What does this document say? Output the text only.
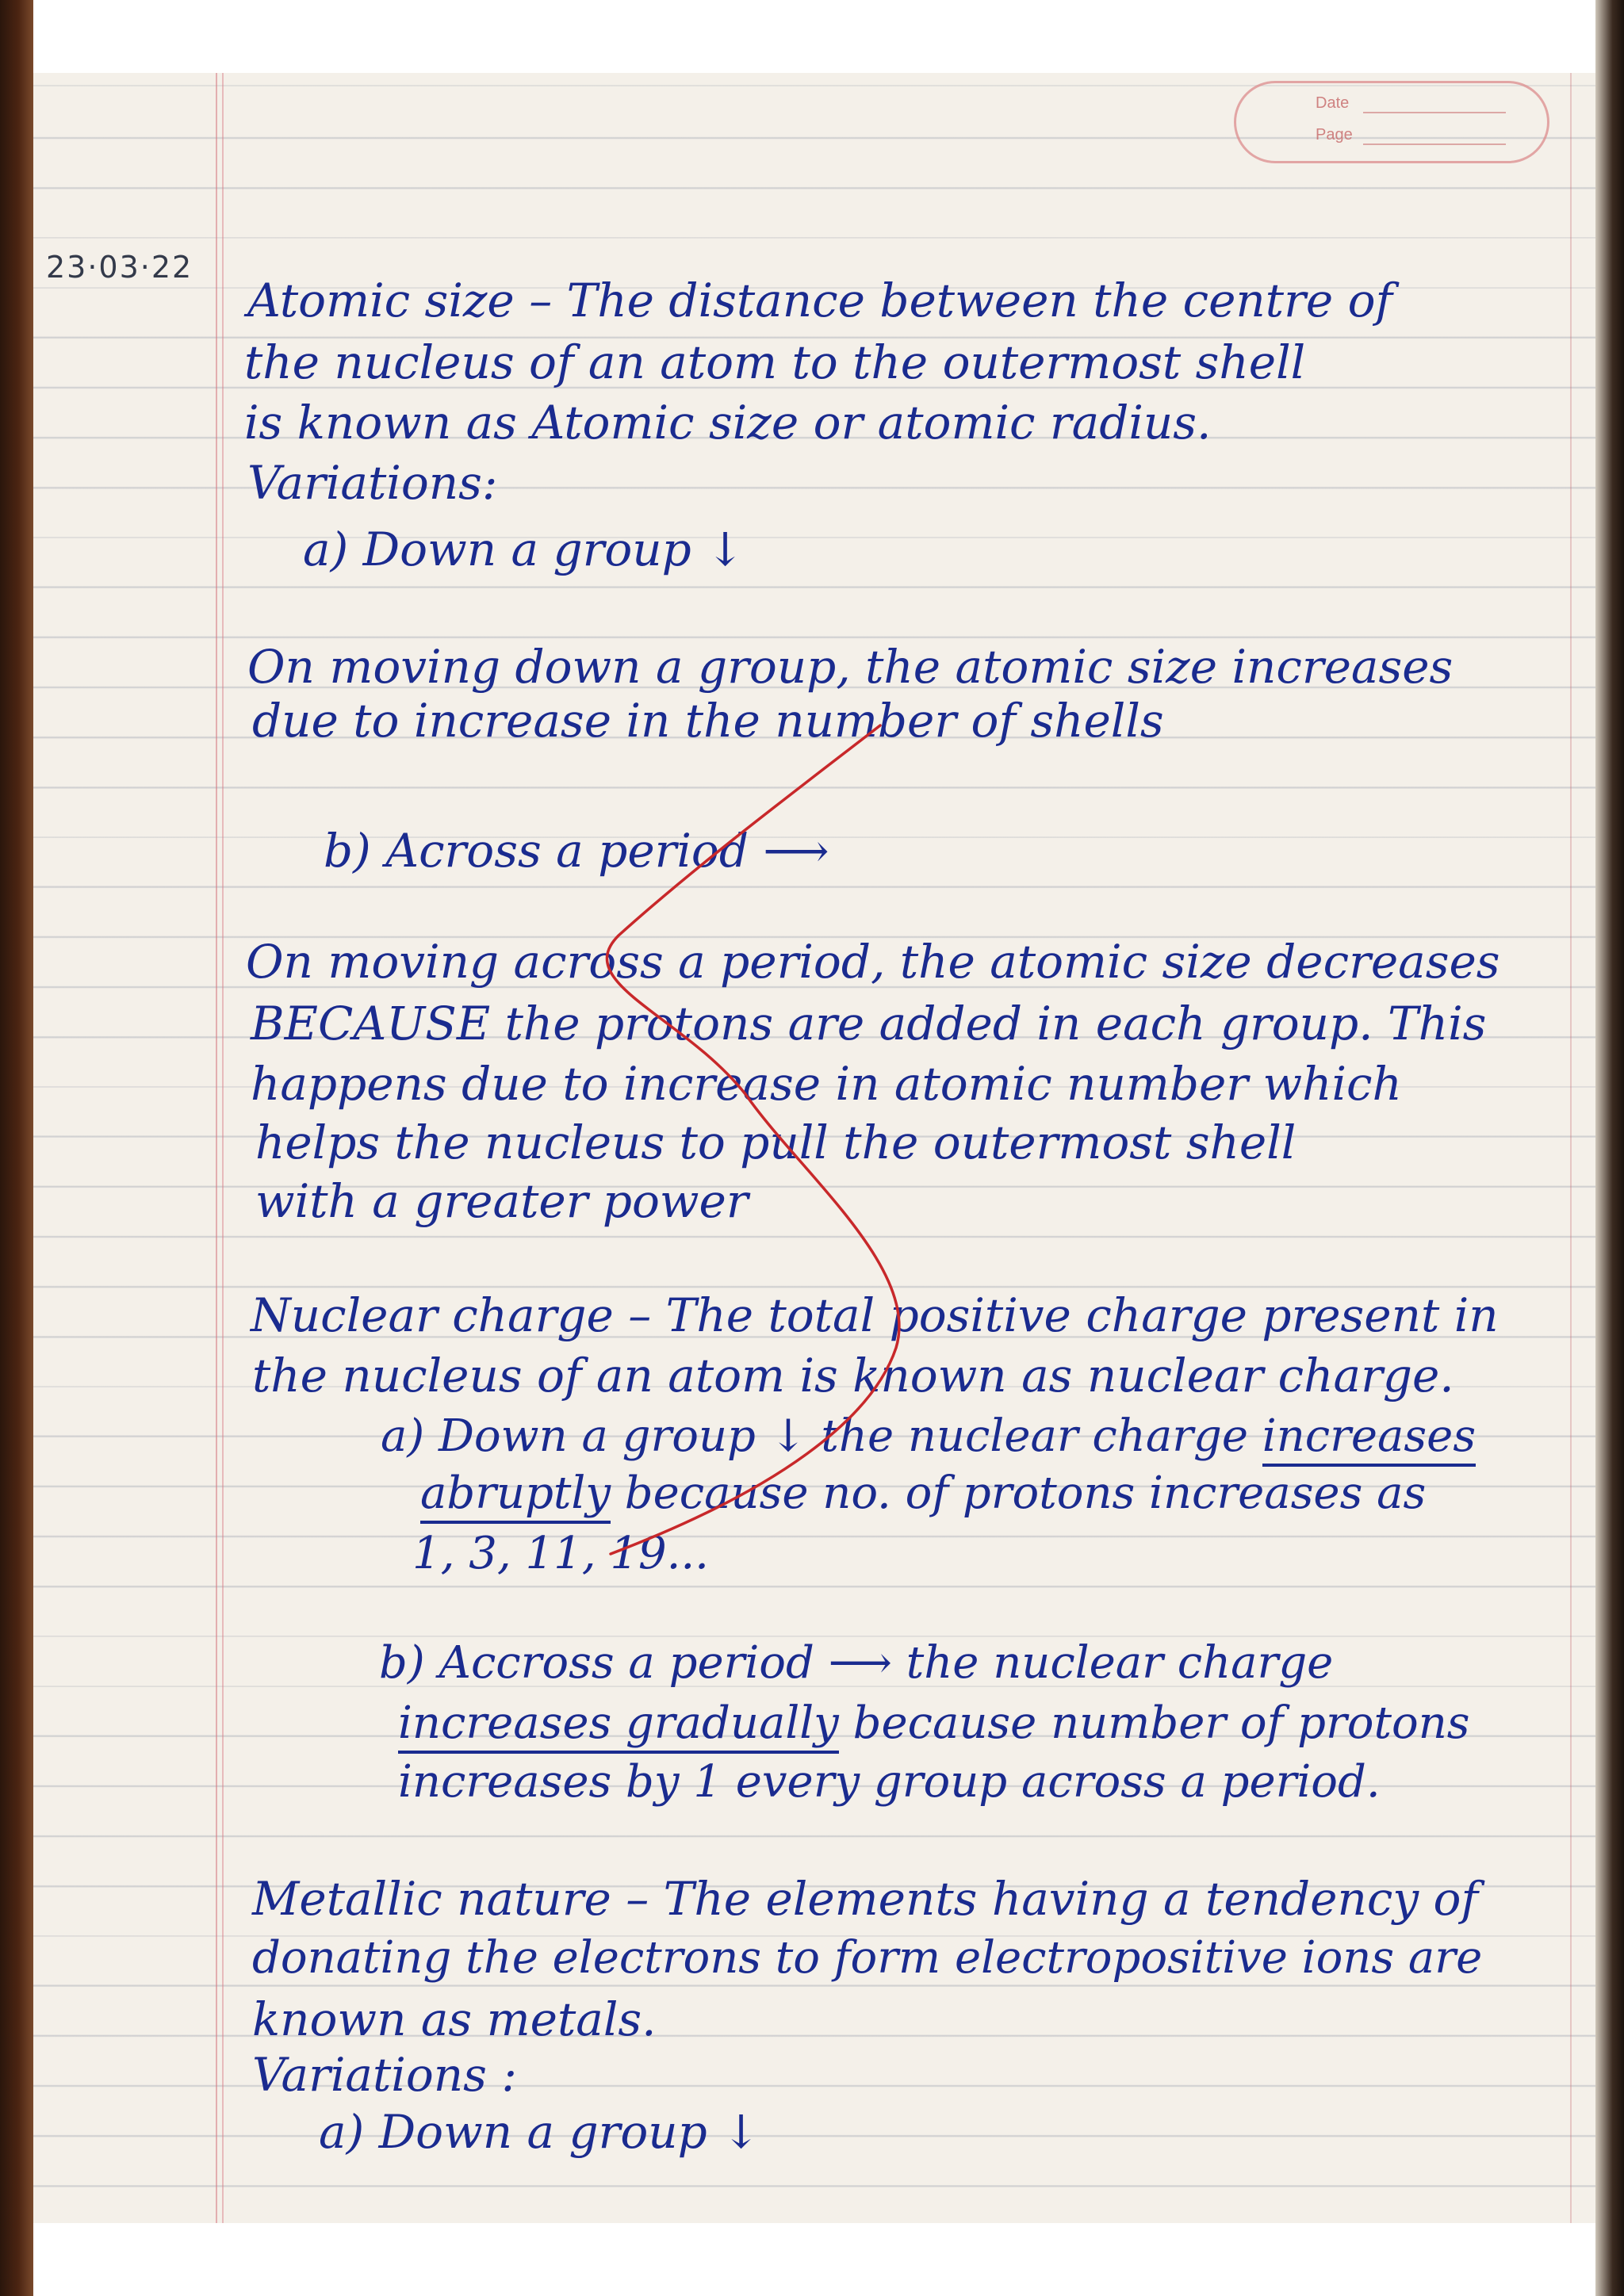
Date
Page
23·03·22
Atomic size – The distance between the centre of
the nucleus of an atom to the outermost shell
is known as Atomic size or atomic radius.
Variations:
a) Down a group ↓
On moving down a group, the atomic size increases
due to increase in the number of shells
b) Across a period ⟶
On moving across a period, the atomic size decreases
BECAUSE the protons are added in each group. This
happens due to increase in atomic number which
helps the nucleus to pull the outermost shell
with a greater power
Nuclear charge – The total positive charge present in
the nucleus of an atom is known as nuclear charge.
a) Down a group ↓ the nuclear charge increases
abruptly because no. of protons increases as
1, 3, 11, 19...
b) Accross a period ⟶ the nuclear charge
increases gradually because number of protons
increases by 1 every group across a period.
Metallic nature – The elements having a tendency of
donating the electrons to form electropositive ions are
known as metals.
Variations :
a) Down a group ↓
